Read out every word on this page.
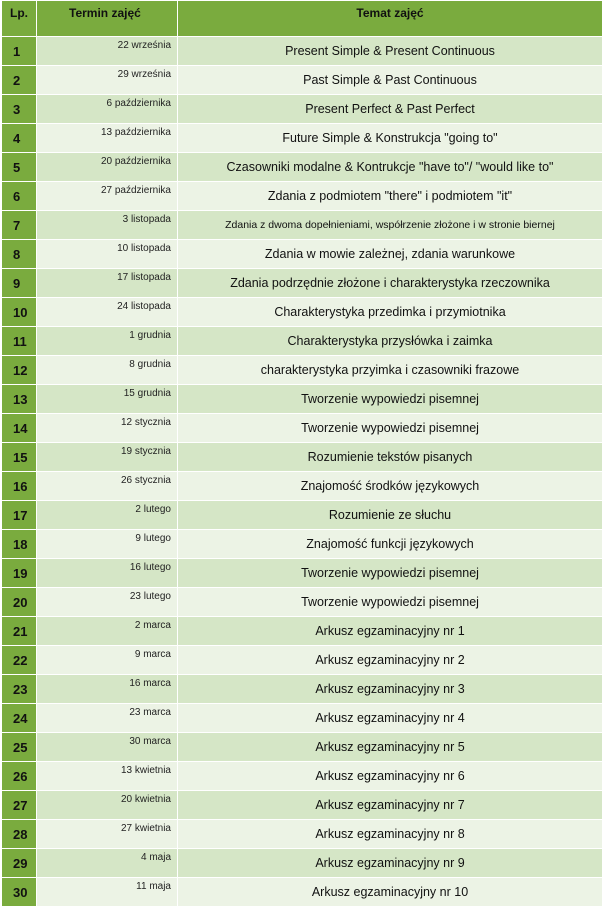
Lp.	Termin zajęć	Temat zajęć
1	22 września	Present Simple & Present Continuous
2	29 września	Past Simple & Past Continuous
3	6 października	Present Perfect & Past Perfect
4	13 października	Future Simple & Konstrukcja "going to"
5	20 października	Czasowniki modalne & Kontrukcje "have to"/ "would like to"
6	27 października	Zdania z podmiotem "there" i podmiotem "it"
7	3 listopada	Zdania z dwoma dopełnieniami, współrzenie złożone i w stronie biernej
8	10 listopada	Zdania w mowie zależnej, zdania warunkowe
9	17 listopada	Zdania podrzędnie złożone i charakterystyka rzeczownika
10	24 listopada	Charakterystyka przedimka i przymiotnika
11	1 grudnia	Charakterystyka przysłówka i zaimka
12	8 grudnia	charakterystyka przyimka i czasowniki frazowe
13	15 grudnia	Tworzenie wypowiedzi pisemnej
14	12 stycznia	Tworzenie wypowiedzi pisemnej
15	19 stycznia	Rozumienie tekstów pisanych
16	26 stycznia	Znajomość środków językowych
17	2 lutego	Rozumienie ze słuchu
18	9 lutego	Znajomość funkcji językowych
19	16 lutego	Tworzenie wypowiedzi pisemnej
20	23 lutego	Tworzenie wypowiedzi pisemnej
21	2 marca	Arkusz egzaminacyjny nr 1
22	9 marca	Arkusz egzaminacyjny nr 2
23	16 marca	Arkusz egzaminacyjny nr 3
24	23 marca	Arkusz egzaminacyjny nr 4
25	30 marca	Arkusz egzaminacyjny nr 5
26	13 kwietnia	Arkusz egzaminacyjny nr 6
27	20 kwietnia	Arkusz egzaminacyjny nr 7
28	27 kwietnia	Arkusz egzaminacyjny nr 8
29	4 maja	Arkusz egzaminacyjny nr 9
30	11 maja	Arkusz egzaminacyjny nr 10
